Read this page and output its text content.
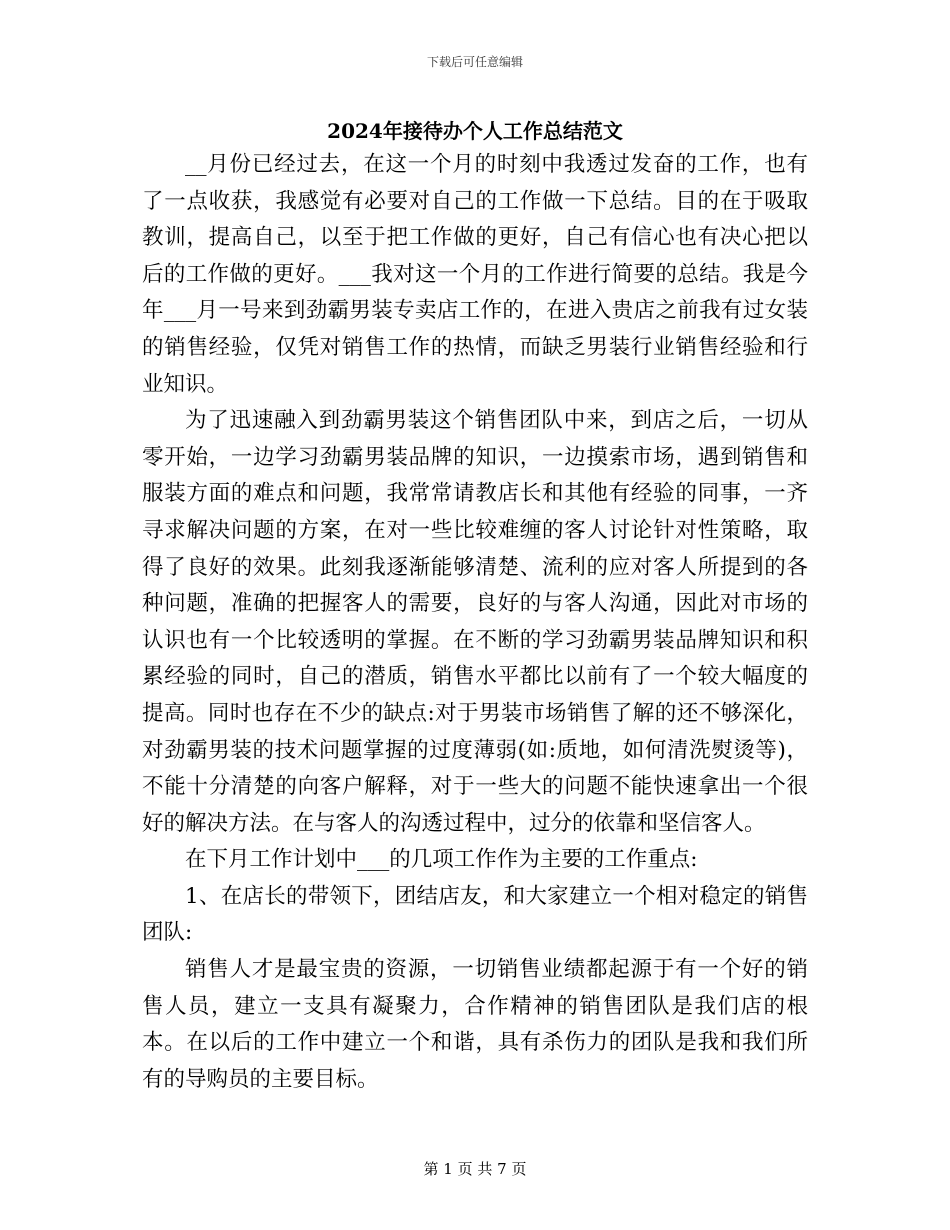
下载后可任意编辑
2024年接待办个人工作总结范文

__月份已经过去，在这一个月的时刻中我透过发奋的工作，也有了一点收获，我感觉有必要对自己的工作做一下总结。目的在于吸取教训，提高自己，以至于把工作做的更好，自己有信心也有决心把以后的工作做的更好。___我对这一个月的工作进行简要的总结。我是今年___月一号来到劲霸男装专卖店工作的，在进入贵店之前我有过女装的销售经验，仅凭对销售工作的热情，而缺乏男装行业销售经验和行业知识。

为了迅速融入到劲霸男装这个销售团队中来，到店之后，一切从零开始，一边学习劲霸男装品牌的知识，一边摸索市场，遇到销售和服装方面的难点和问题，我常常请教店长和其他有经验的同事，一齐寻求解决问题的方案，在对一些比较难缠的客人讨论针对性策略，取得了良好的效果。此刻我逐渐能够清楚、流利的应对客人所提到的各种问题，准确的把握客人的需要，良好的与客人沟通，因此对市场的认识也有一个比较透明的掌握。在不断的学习劲霸男装品牌知识和积累经验的同时，自己的潜质，销售水平都比以前有了一个较大幅度的提高。同时也存在不少的缺点:对于男装市场销售了解的还不够深化，对劲霸男装的技术问题掌握的过度薄弱(如:质地，如何清洗熨烫等)，不能十分清楚的向客户解释，对于一些大的问题不能快速拿出一个很好的解决方法。在与客人的沟透过程中，过分的依靠和坚信客人。

在下月工作计划中___的几项工作作为主要的工作重点:

1、在店长的带领下，团结店友，和大家建立一个相对稳定的销售团队:

销售人才是最宝贵的资源，一切销售业绩都起源于有一个好的销售人员，建立一支具有凝聚力，合作精神的销售团队是我们店的根本。在以后的工作中建立一个和谐，具有杀伤力的团队是我和我们所有的导购员的主要目标。

第 1 页 共 7 页
